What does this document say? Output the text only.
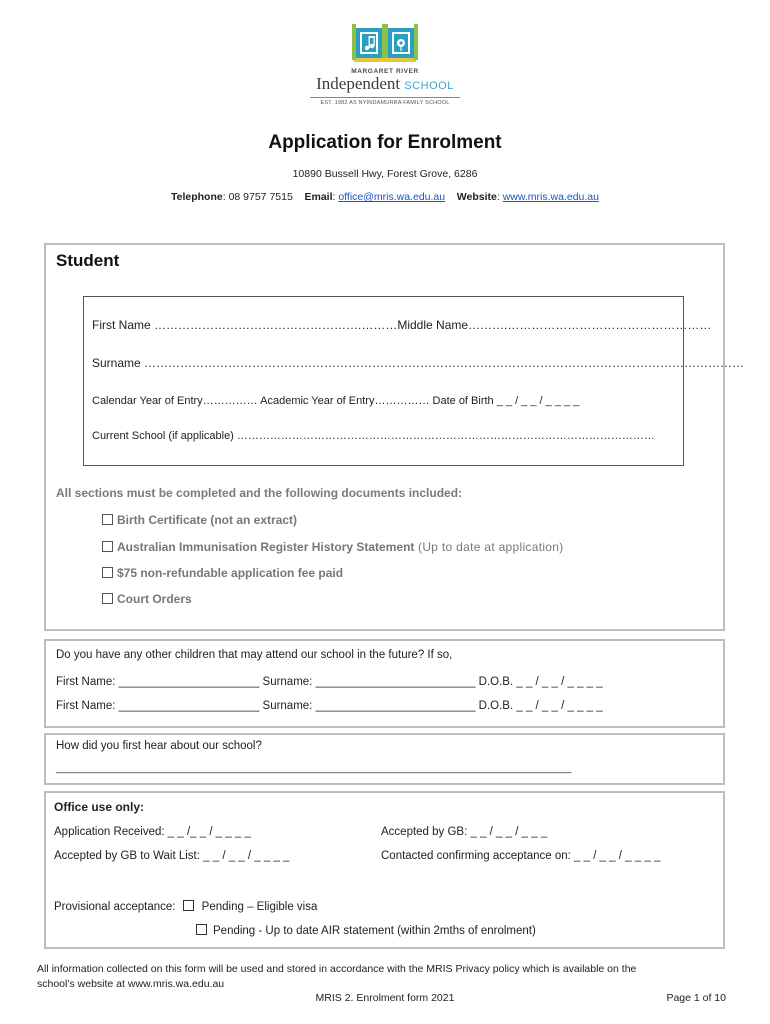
MARGARET RIVER
Independent SCHOOL
EST. 1982 AS NYINDAMURRA FAMILY SCHOOL
Application for Enrolment
10890 Bussell Hwy, Forest Grove, 6286
Telephone: 08 9757 7515 Email: office@mris.wa.edu.au Website: www.mris.wa.edu.au
Student
First Name …………………………………………….………Middle Name……….……………………………………………
Surname ……………………………………………………………………………………………………………………………………
Calendar Year of Entry…………… Academic Year of Entry…………… Date of Birth _ _ / _ _ / _ _ _ _
Current School (if applicable) ……………………………………………………………………………………………………
All sections must be completed and the following documents included:
Birth Certificate (not an extract)
Australian Immunisation Register History Statement (Up to date at application)
$75 non-refundable application fee paid
Court Orders
Do you have any other children that may attend our school in the future? If so,
First Name: ______________________ Surname: _________________________ D.O.B. _ _ / _ _ / _ _ _ _
First Name: ______________________ Surname: _________________________ D.O.B. _ _ / _ _ / _ _ _ _
How did you first hear about our school?
_____________________________________________________________________________________________
Office use only:
Application Received: _ _ /_ _ / _ _ _ _	Accepted by GB: _ _ / _ _ / _ _ _
Accepted by GB to Wait List: _ _ / _ _ / _ _ _ _	Contacted confirming acceptance on: _ _ / _ _ / _ _ _ _
Provisional acceptance: Pending – Eligible visa
Pending - Up to date AIR statement (within 2mths of enrolment)
All information collected on this form will be used and stored in accordance with the MRIS Privacy policy which is available on the
school’s website at www.mris.wa.edu.au
MRIS 2. Enrolment form 2021	Page 1 of 10
